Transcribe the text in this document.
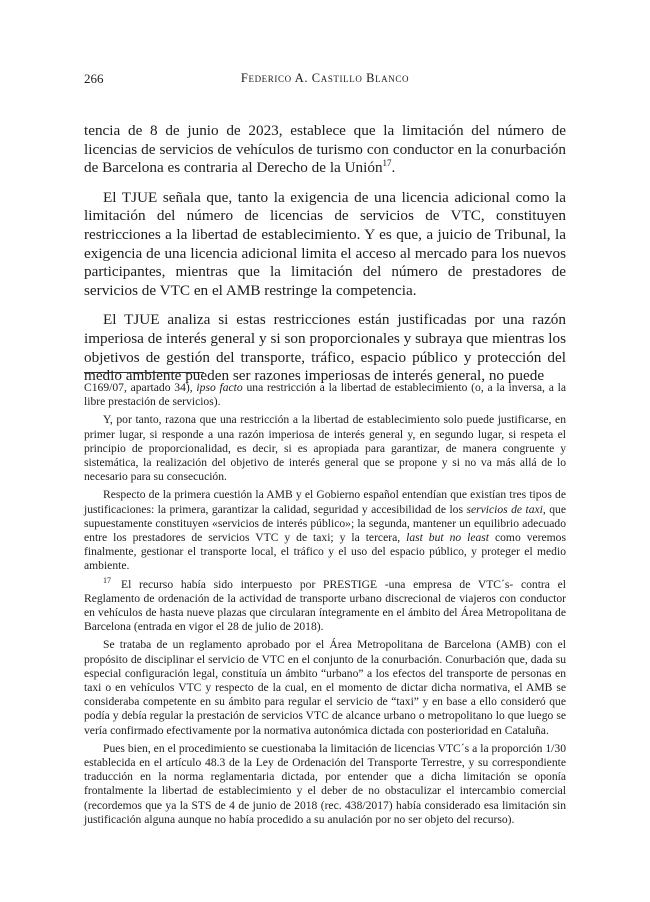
266	Federico A. Castillo Blanco

tencia de 8 de junio de 2023, establece que la limitación del número de licencias de servicios de vehículos de turismo con conductor en la conurbación de Barcelona es contraria al Derecho de la Unión$^{17}$.

El TJUE señala que, tanto la exigencia de una licencia adicional como la limitación del número de licencias de servicios de VTC, constituyen restricciones a la libertad de establecimiento. Y es que, a juicio de Tribunal, la exigencia de una licencia adicional limita el acceso al mercado para los nuevos participantes, mientras que la limitación del número de prestadores de servicios de VTC en el AMB restringe la competencia.

El TJUE analiza si estas restricciones están justificadas por una razón imperiosa de interés general y si son proporcionales y subraya que mientras los objetivos de gestión del transporte, tráfico, espacio público y protección del medio ambiente pueden ser razones imperiosas de interés general, no puede

C169/07, apartado 34), ipso facto una restricción a la libertad de establecimiento (o, a la inversa, a la libre prestación de servicios).

Y, por tanto, razona que una restricción a la libertad de establecimiento solo puede justificarse, en primer lugar, si responde a una razón imperiosa de interés general y, en segundo lugar, si respeta el principio de proporcionalidad, es decir, si es apropiada para garantizar, de manera congruente y sistemática, la realización del objetivo de interés general que se propone y si no va más allá de lo necesario para su consecución.

Respecto de la primera cuestión la AMB y el Gobierno español entendían que existían tres tipos de justificaciones: la primera, garantizar la calidad, seguridad y accesibilidad de los servicios de taxi, que supuestamente constituyen «servicios de interés público»; la segunda, mantener un equilibrio adecuado entre los prestadores de servicios VTC y de taxi; y la tercera, last but no least como veremos finalmente, gestionar el transporte local, el tráfico y el uso del espacio público, y proteger el medio ambiente.

$^{17}$ El recurso había sido interpuesto por PRESTIGE -una empresa de VTC´s- contra el Reglamento de ordenación de la actividad de transporte urbano discrecional de viajeros con conductor en vehículos de hasta nueve plazas que circularan íntegramente en el ámbito del Área Metropolitana de Barcelona (entrada en vigor el 28 de julio de 2018).

Se trataba de un reglamento aprobado por el Área Metropolitana de Barcelona (AMB) con el propósito de disciplinar el servicio de VTC en el conjunto de la conurbación. Conurbación que, dada su especial configuración legal, constituía un ámbito “urbano” a los efectos del transporte de personas en taxi o en vehículos VTC y respecto de la cual, en el momento de dictar dicha normativa, el AMB se consideraba competente en su ámbito para regular el servicio de “taxi” y en base a ello consideró que podía y debía regular la prestación de servicios VTC de alcance urbano o metropolitano lo que luego se vería confirmado efectivamente por la normativa autonómica dictada con posterioridad en Cataluña.

Pues bien, en el procedimiento se cuestionaba la limitación de licencias VTC´s a la proporción 1/30 establecida en el artículo 48.3 de la Ley de Ordenación del Transporte Terrestre, y su correspondiente traducción en la norma reglamentaria dictada, por entender que a dicha limitación se oponía frontalmente la libertad de establecimiento y el deber de no obstaculizar el intercambio comercial (recordemos que ya la STS de 4 de junio de 2018 (rec. 438/2017) había considerado esa limitación sin justificación alguna aunque no había procedido a su anulación por no ser objeto del recurso).
